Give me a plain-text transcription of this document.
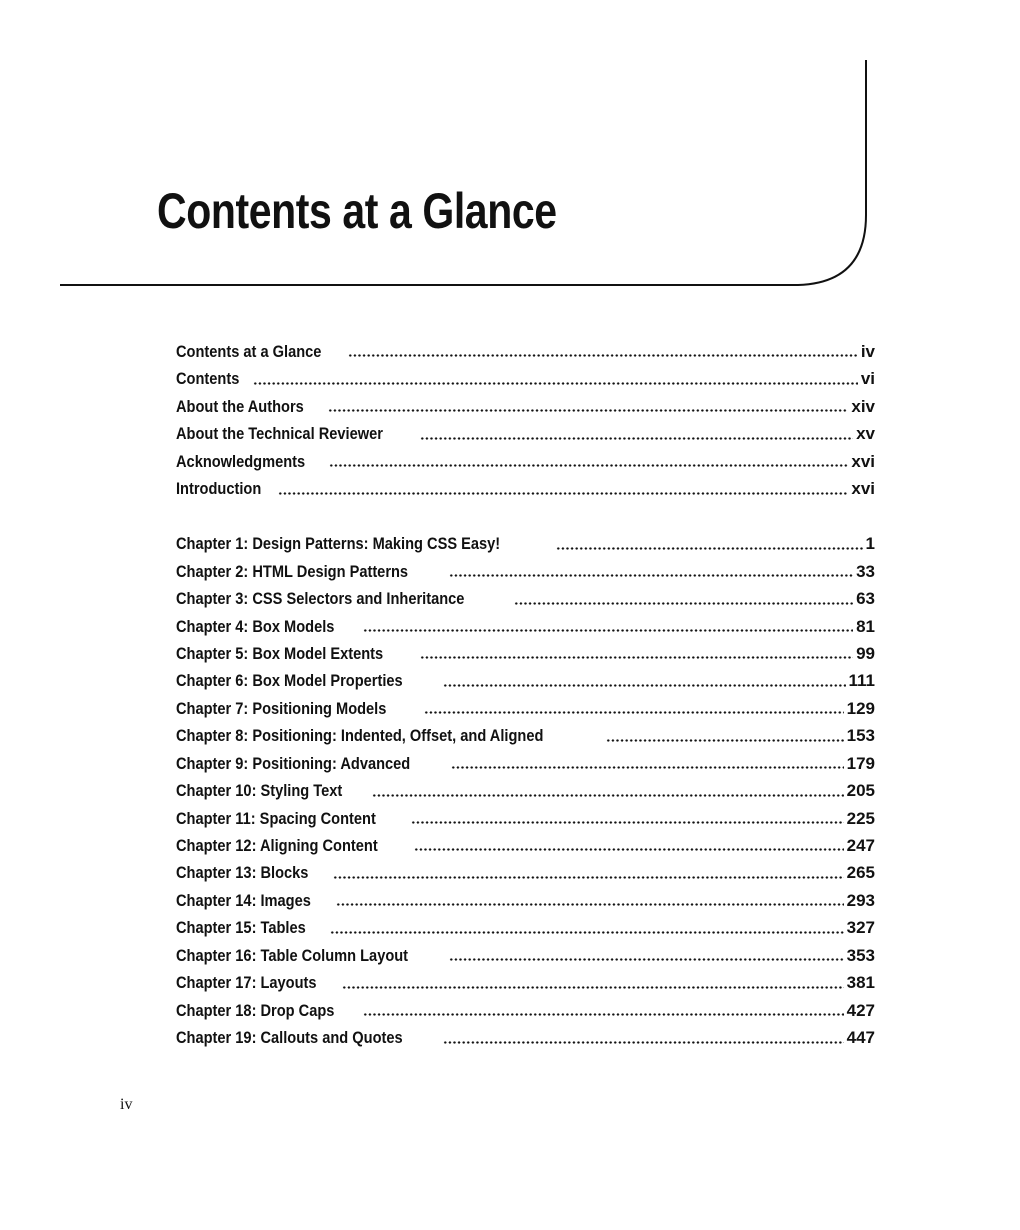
Contents at a Glance
Contents at a Glance	iv
Contents	vi
About the Authors	xiv
About the Technical Reviewer	xv
Acknowledgments	xvi
Introduction	xvi
Chapter 1: Design Patterns: Making CSS Easy!	1
Chapter 2: HTML Design Patterns	33
Chapter 3: CSS Selectors and Inheritance	63
Chapter 4: Box Models	81
Chapter 5: Box Model Extents	99
Chapter 6: Box Model Properties	111
Chapter 7: Positioning Models	129
Chapter 8: Positioning: Indented, Offset, and Aligned	153
Chapter 9: Positioning: Advanced	179
Chapter 10: Styling Text	205
Chapter 11: Spacing Content	225
Chapter 12: Aligning Content	247
Chapter 13: Blocks	265
Chapter 14: Images	293
Chapter 15: Tables	327
Chapter 16: Table Column Layout	353
Chapter 17: Layouts	381
Chapter 18: Drop Caps	427
Chapter 19: Callouts and Quotes	447
iv
